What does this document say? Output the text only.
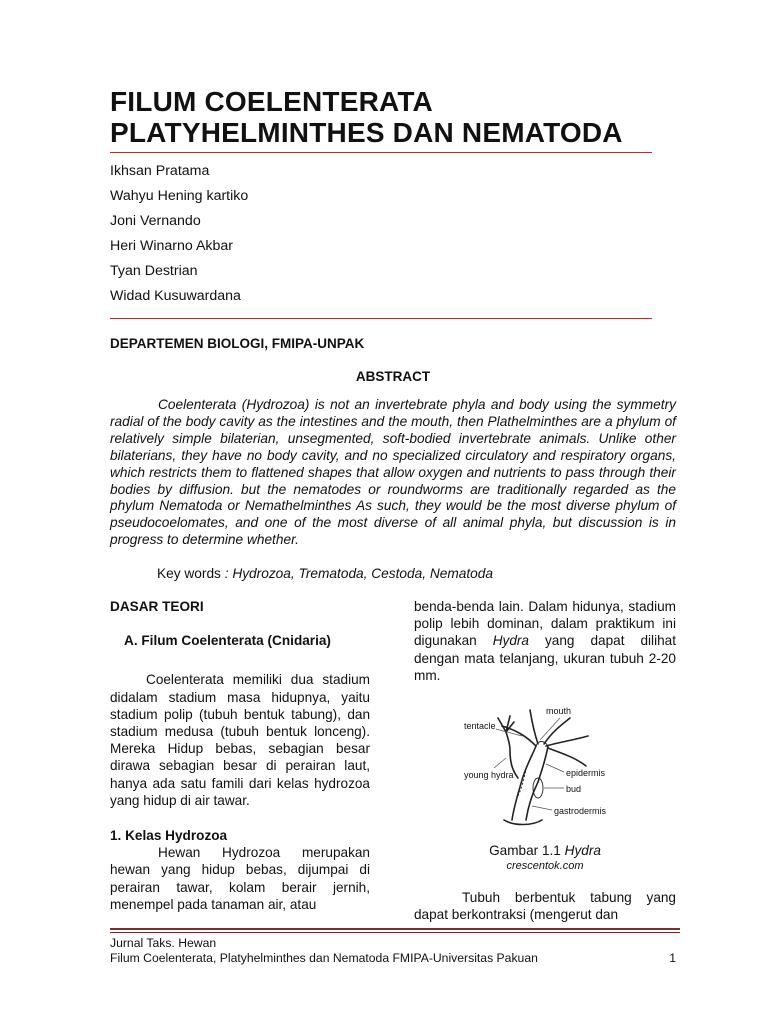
FILUM COELENTERATA
PLATYHELMINTHES DAN NEMATODA
Ikhsan Pratama
Wahyu Hening kartiko
Joni Vernando
Heri Winarno Akbar
Tyan Destrian
Widad Kusuwardana
DEPARTEMEN BIOLOGI, FMIPA-UNPAK
ABSTRACT

Coelenterata (Hydrozoa) is not an invertebrate phyla and body using the symmetry radial of the body cavity as the intestines and the mouth, then Plathelminthes are a phylum of relatively simple bilaterian, unsegmented, soft-bodied invertebrate animals. Unlike other bilaterians, they have no body cavity, and no specialized circulatory and respiratory organs, which restricts them to flattened shapes that allow oxygen and nutrients to pass through their bodies by diffusion. but the nematodes or roundworms are traditionally regarded as the phylum Nematoda or Nemathelminthes As such, they would be the most diverse phylum of pseudocoelomates, and one of the most diverse of all animal phyla, but discussion is in progress to determine whether.

Key words : Hydrozoa, Trematoda, Cestoda, Nematoda

DASAR TEORI

A. Filum Coelenterata (Cnidaria)

Coelenterata memiliki dua stadium didalam stadium masa hidupnya, yaitu stadium polip (tubuh bentuk tabung), dan stadium medusa (tubuh bentuk lonceng). Mereka Hidup bebas, sebagian besar dirawa sebagian besar di perairan laut, hanya ada satu famili dari kelas hydrozoa yang hidup di air tawar.

1. Kelas Hydrozoa

Hewan Hydrozoa merupakan hewan yang hidup bebas, dijumpai di perairan tawar, kolam berair jernih, menempel pada tanaman air, atau

benda-benda lain. Dalam hidunya, stadium polip lebih dominan, dalam praktikum ini digunakan Hydra yang dapat dilihat dengan mata telanjang, ukuran tubuh 2-20 mm.

mouth
tentacle
epidermis
young hydra
bud
gastrodermis
Gambar 1.1 Hydra
crescentok.com

Tubuh berbentuk tabung yang dapat berkontraksi (mengerut dan

Jurnal Taks. Hewan
Filum Coelenterata, Platyhelminthes dan Nematoda FMIPA-Universitas Pakuan	1
